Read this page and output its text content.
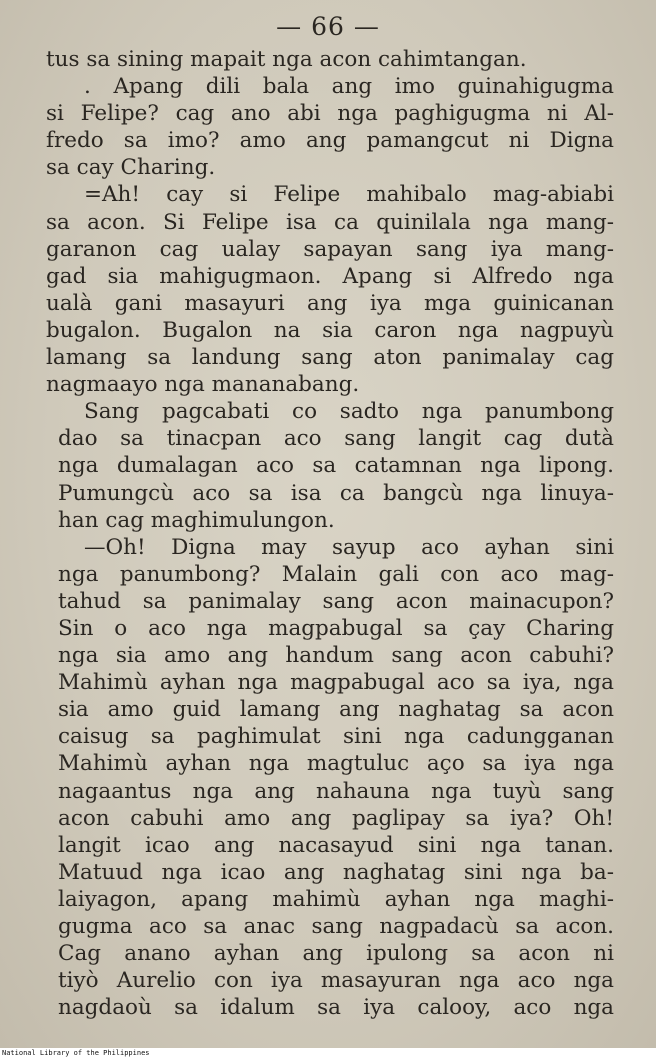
— 66 —
tus sa sining mapait nga acon cahimtangan.
. Apang dili bala ang imo guinahigugma
si Felipe? cag ano abi nga paghigugma ni Al-
fredo sa imo? amo ang pamangcut ni Digna
sa cay Charing.
=Ah! cay si Felipe mahibalo mag-abiabi
sa acon. Si Felipe isa ca quinilala nga mang-
garanon cag ualay sapayan sang iya mang-
gad sia mahigugmaon. Apang si Alfredo nga
ualà gani masayuri ang iya mga guinicanan
bugalon. Bugalon na sia caron nga nagpuyù
lamang sa landung sang aton panimalay cag
nagmaayo nga mananabang.
Sang pagcabati co sadto nga panumbong
dao sa tinacpan aco sang langit cag dutà
nga dumalagan aco sa catamnan nga lipong.
Pumungcù aco sa isa ca bangcù nga linuya-
han cag maghimulungon.
—Oh! Digna may sayup aco ayhan sini
nga panumbong? Malain gali con aco mag-
tahud sa panimalay sang acon mainacupon?
Sin o aco nga magpabugal sa çay Charing
nga sia amo ang handum sang acon cabuhi?
Mahimù ayhan nga magpabugal aco sa iya, nga
sia amo guid lamang ang naghatag sa acon
caisug sa paghimulat sini nga cadungganan
Mahimù ayhan nga magtuluc aço sa iya nga
nagaantus nga ang nahauna nga tuyù sang
acon cabuhi amo ang paglipay sa iya? Oh!
langit icao ang nacasayud sini nga tanan.
Matuud nga icao ang naghatag sini nga ba-
laiyagon, apang mahimù ayhan nga maghi-
gugma aco sa anac sang nagpadacù sa acon.
Cag anano ayhan ang ipulong sa acon ni
tiyò Aurelio con iya masayuran nga aco nga
nagdaoù sa idalum sa iya calooy, aco nga
National Library of the Philippines
